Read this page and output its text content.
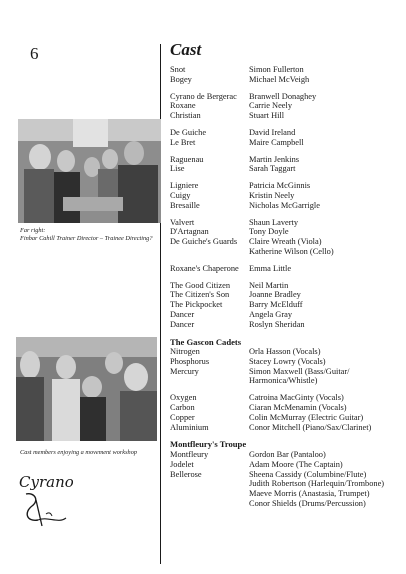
6	Cast
Far right:
Finbar Cahill Trainer Director – Trainee Directing?
Cast members enjoying a movement workshop
Cyrano
Snot	Simon Fullerton
Bogey	Michael McVeigh
Cyrano de Bergerac	Branwell Donaghey
Roxane	Carrie Neely
Christian	Stuart Hill
De Guiche	David Ireland
Le Bret	Maire Campbell
Raguenau	Martin Jenkins
Lise	Sarah Taggart
Ligniere	Patricia McGinnis
Cuigy	Kristin Neely
Bresaille	Nicholas McGarrigle
Valvert	Shaun Laverty
D'Artagnan	Tony Doyle
De Guiche's Guards	Claire Wreath (Viola)
Katherine Wilson (Cello)
Roxane's Chaperone	Emma Little
The Good Citizen	Neil Martin
The Citizen's Son	Joanne Bradley
The Pickpocket	Barry McElduff
Dancer	Angela Gray
Dancer	Roslyn Sheridan
The Gascon Cadets
Nitrogen	Orla Hasson (Vocals)
Phosphorus	Stacey Lowry (Vocals)
Mercury	Simon Maxwell (Bass/Guitar/
Harmonica/Whistle)
Oxygen	Catroina MacGinty (Vocals)
Carbon	Ciaran McMenamin (Vocals)
Copper	Colin McMurray (Electric Guitar)
Aluminium	Conor Mitchell (Piano/Sax/Clarinet)
Montfleury's Troupe
Montfleury	Gordon Bar (Pantaloo)
Jodelet	Adam Moore (The Captain)
Bellerose	Sheena Cassidy (Columbine/Flute)
Judith Robertson (Harlequin/Trombone)
Maeve Morris (Anastasia, Trumpet)
Conor Shields (Drums/Percussion)
